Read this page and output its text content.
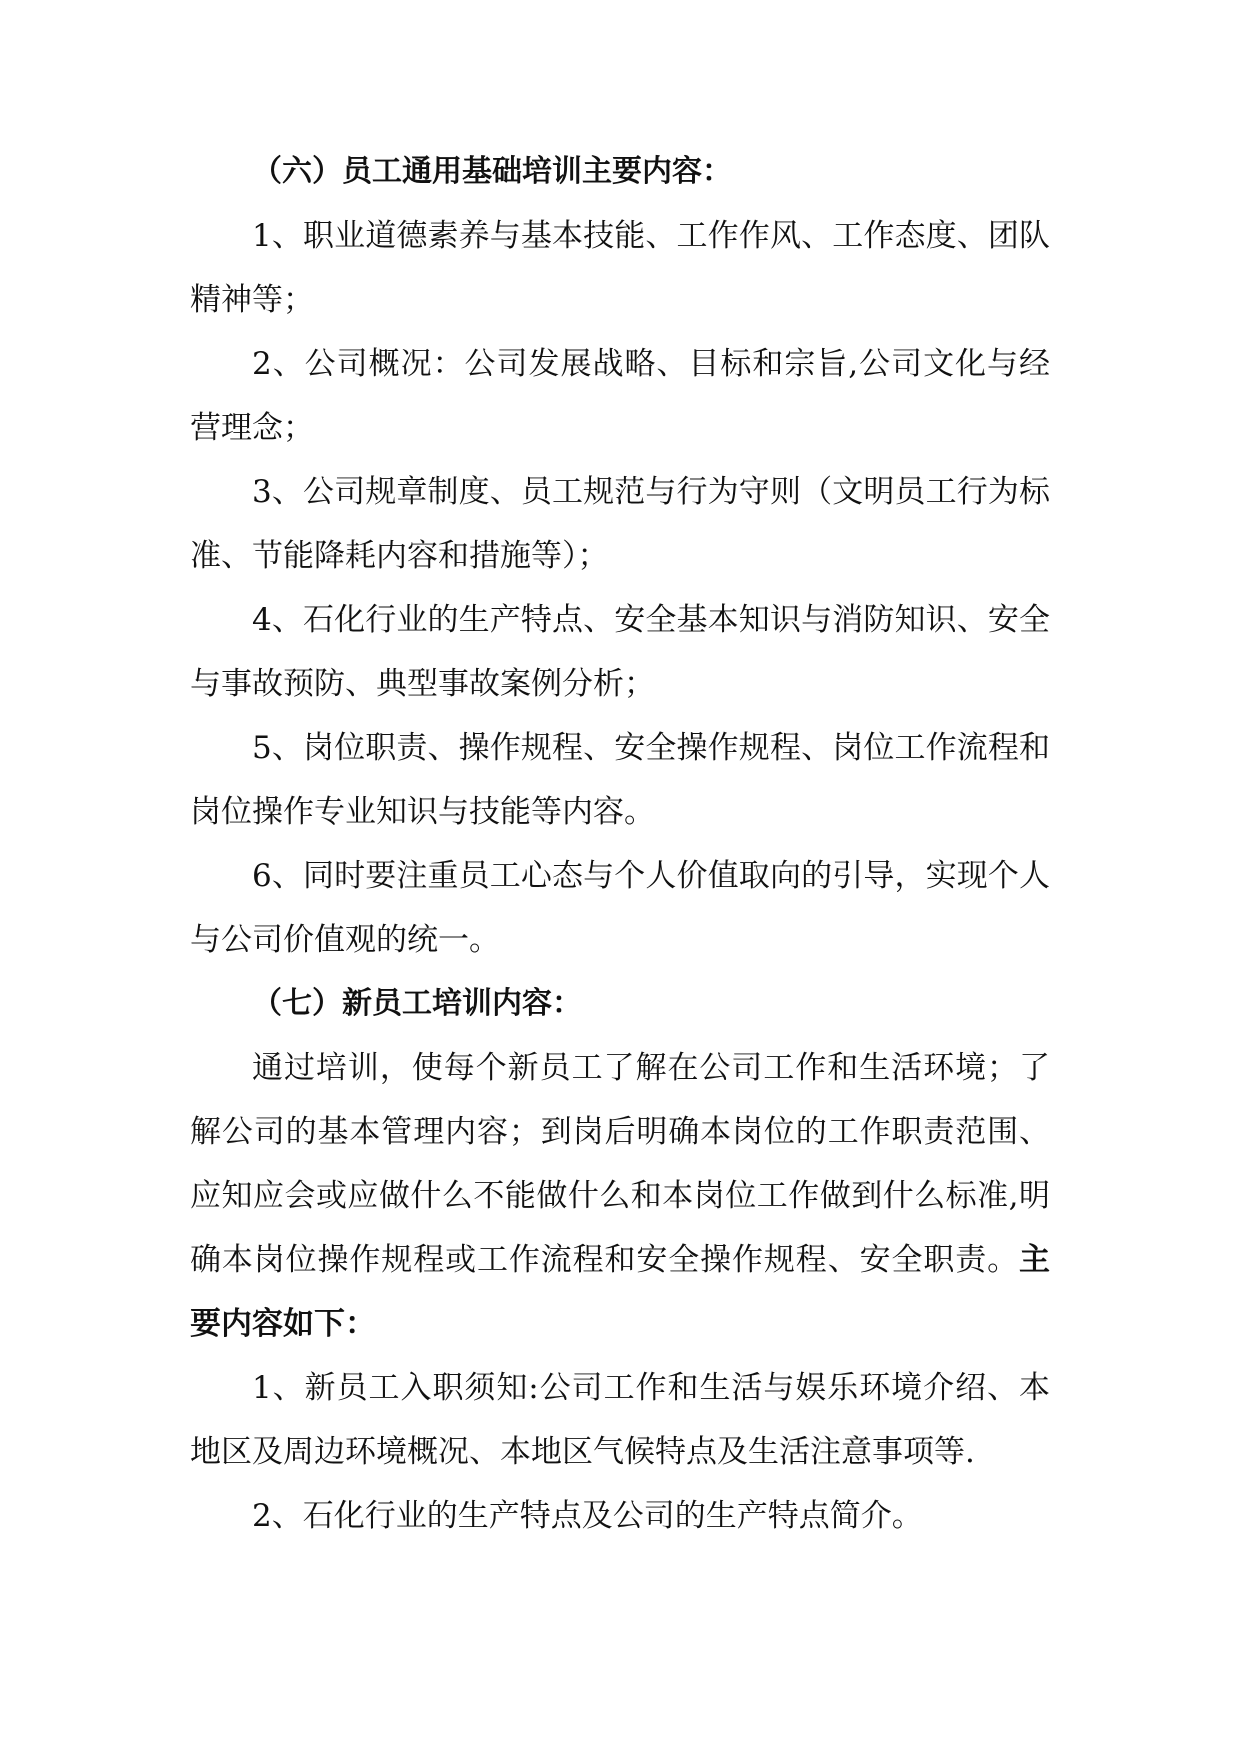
（六）员工通用基础培训主要内容：

1、职业道德素养与基本技能、工作作风、工作态度、团队精神等；

2、公司概况：公司发展战略、目标和宗旨,公司文化与经营理念；

3、公司规章制度、员工规范与行为守则（文明员工行为标准、节能降耗内容和措施等）；

4、石化行业的生产特点、安全基本知识与消防知识、安全与事故预防、典型事故案例分析；

5、岗位职责、操作规程、安全操作规程、岗位工作流程和岗位操作专业知识与技能等内容。

6、同时要注重员工心态与个人价值取向的引导，实现个人与公司价值观的统一。

（七）新员工培训内容：

通过培训，使每个新员工了解在公司工作和生活环境；了解公司的基本管理内容；到岗后明确本岗位的工作职责范围、应知应会或应做什么不能做什么和本岗位工作做到什么标准,明确本岗位操作规程或工作流程和安全操作规程、安全职责。主要内容如下：

1、新员工入职须知:公司工作和生活与娱乐环境介绍、本地区及周边环境概况、本地区气候特点及生活注意事项等.

2、石化行业的生产特点及公司的生产特点简介。
